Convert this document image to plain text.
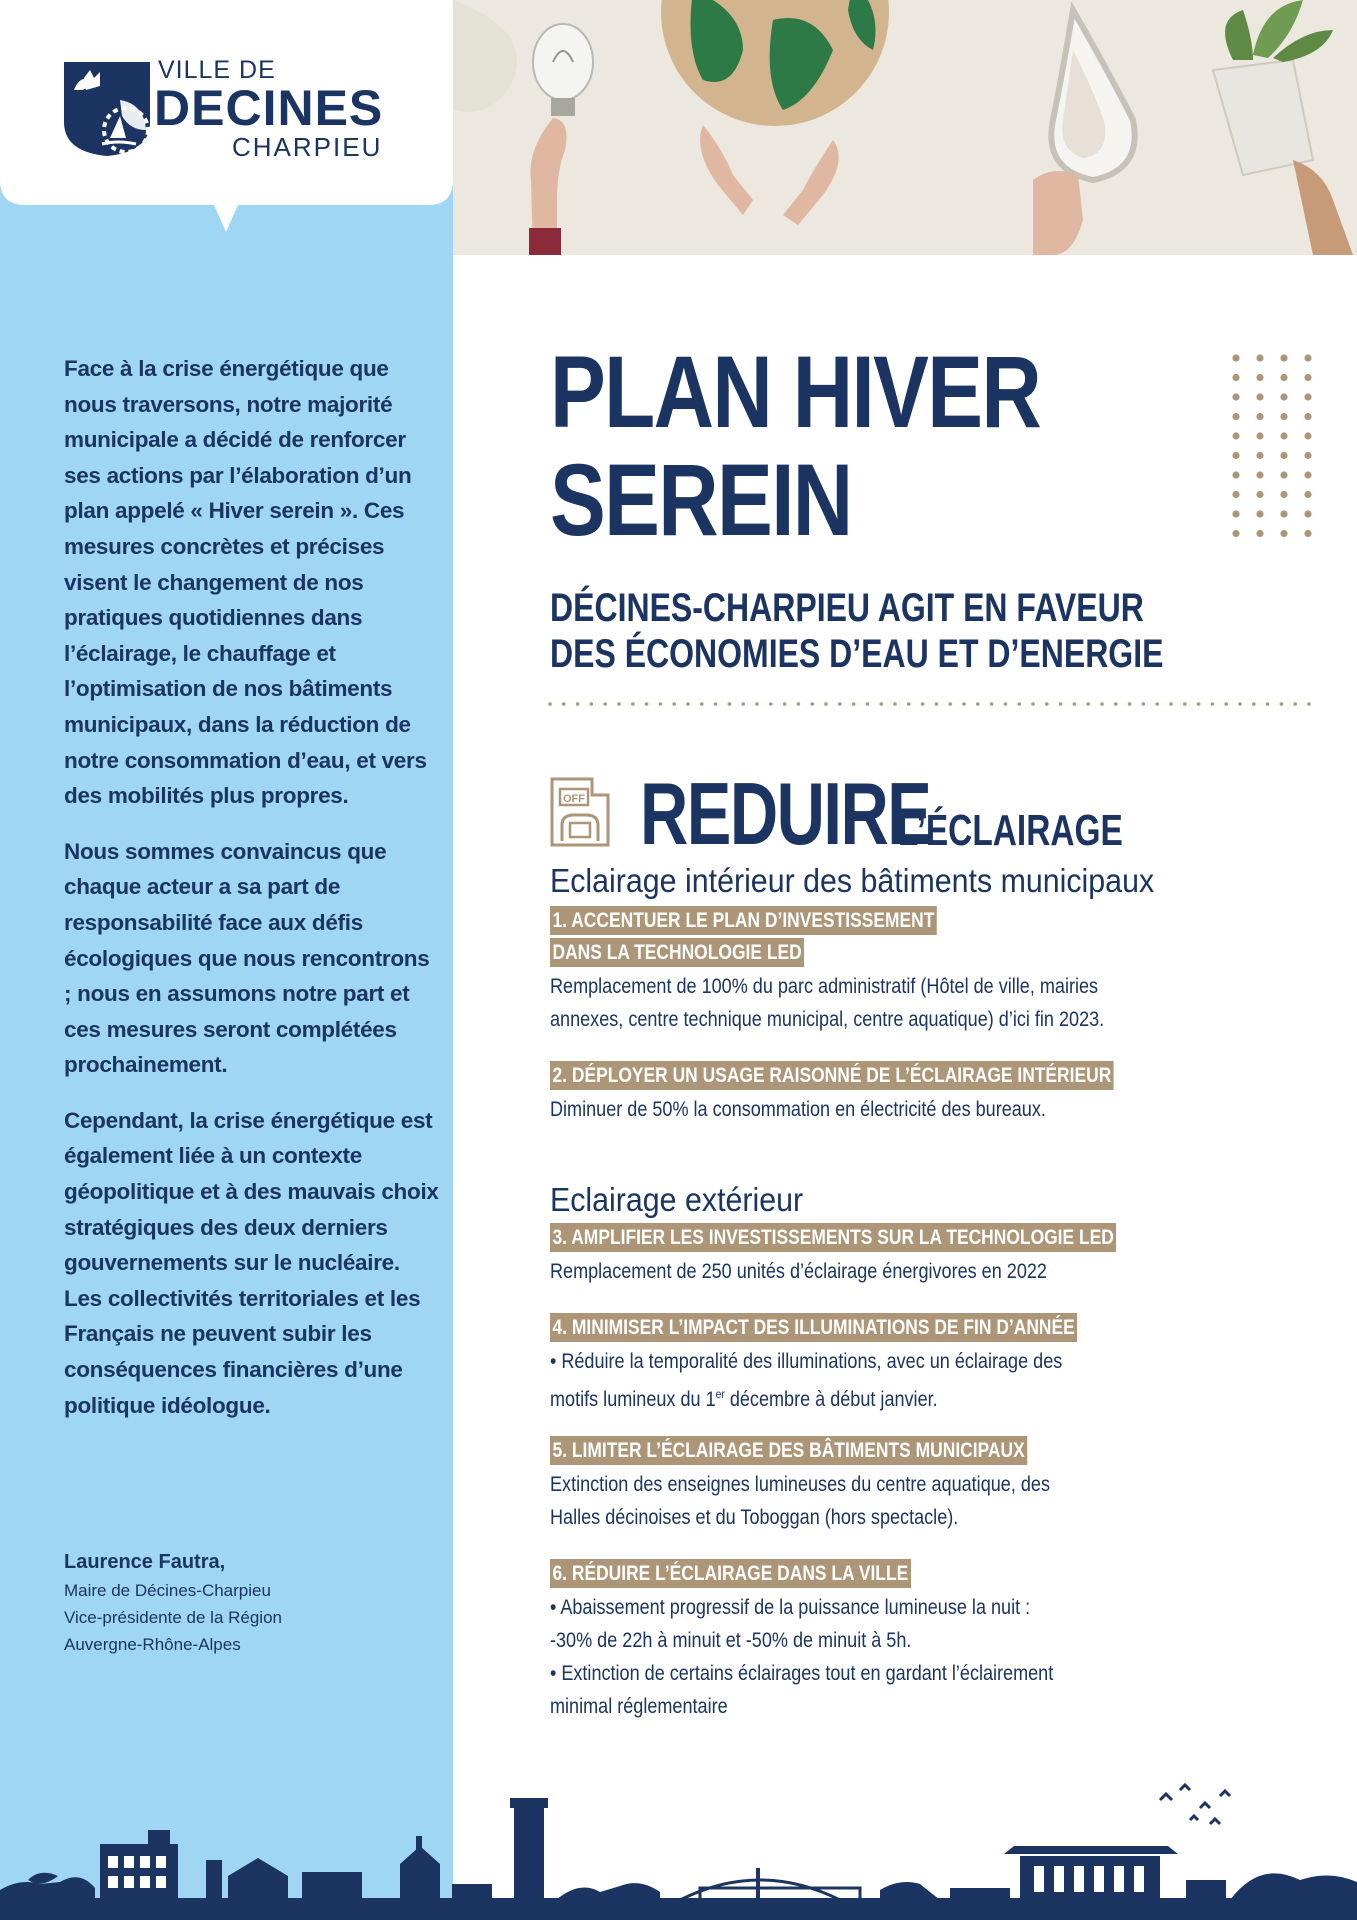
VILLE DE
DECINES
CHARPIEU

Face à la crise énergétique que nous traversons, notre majorité municipale a décidé de renforcer ses actions par l’élaboration d’un plan appelé « Hiver serein ». Ces mesures concrètes et précises visent le changement de nos pratiques quotidiennes dans l’éclairage, le chauffage et l’optimisation de nos bâtiments municipaux, dans la réduction de notre consommation d’eau, et vers des mobilités plus propres.

Nous sommes convaincus que chaque acteur a sa part de responsabilité face aux défis écologiques que nous rencontrons ; nous en assumons notre part et ces mesures seront complétées prochainement.

Cependant, la crise énergétique est également liée à un contexte géopolitique et à des mauvais choix stratégiques des deux derniers gouvernements sur le nucléaire. Les collectivités territoriales et les Français ne peuvent subir les conséquences financières d’une politique idéologue.

Laurence Fautra,
Maire de Décines-Charpieu
Vice-présidente de la Région
Auvergne-Rhône-Alpes
PLAN HIVER
SEREIN
DÉCINES-CHARPIEU AGIT EN FAVEUR
DES ÉCONOMIES D’EAU ET D’ENERGIE
OFF REDUIRE
L’ÉCLAIRAGE
Eclairage intérieur des bâtiments municipaux
1. ACCENTUER LE PLAN D’INVESTISSEMENT
DANS LA TECHNOLOGIE LED
Remplacement de 100% du parc administratif (Hôtel de ville, mairies
annexes, centre technique municipal, centre aquatique) d’ici fin 2023.
2. DÉPLOYER UN USAGE RAISONNÉ DE L’ÉCLAIRAGE INTÉRIEUR
Diminuer de 50% la consommation en électricité des bureaux.
Eclairage extérieur
3. AMPLIFIER LES INVESTISSEMENTS SUR LA TECHNOLOGIE LED
Remplacement de 250 unités d’éclairage énergivores en 2022
4. MINIMISER L’IMPACT DES ILLUMINATIONS DE FIN D’ANNÉE
• Réduire la temporalité des illuminations, avec un éclairage des
motifs lumineux du 1er décembre à début janvier.
5. LIMITER L’ÉCLAIRAGE DES BÂTIMENTS MUNICIPAUX
Extinction des enseignes lumineuses du centre aquatique, des
Halles décinoises et du Toboggan (hors spectacle).
6. RÉDUIRE L’ÉCLAIRAGE DANS LA VILLE
• Abaissement progressif de la puissance lumineuse la nuit :
-30% de 22h à minuit et -50% de minuit à 5h.
• Extinction de certains éclairages tout en gardant l’éclairement
minimal réglementaire
